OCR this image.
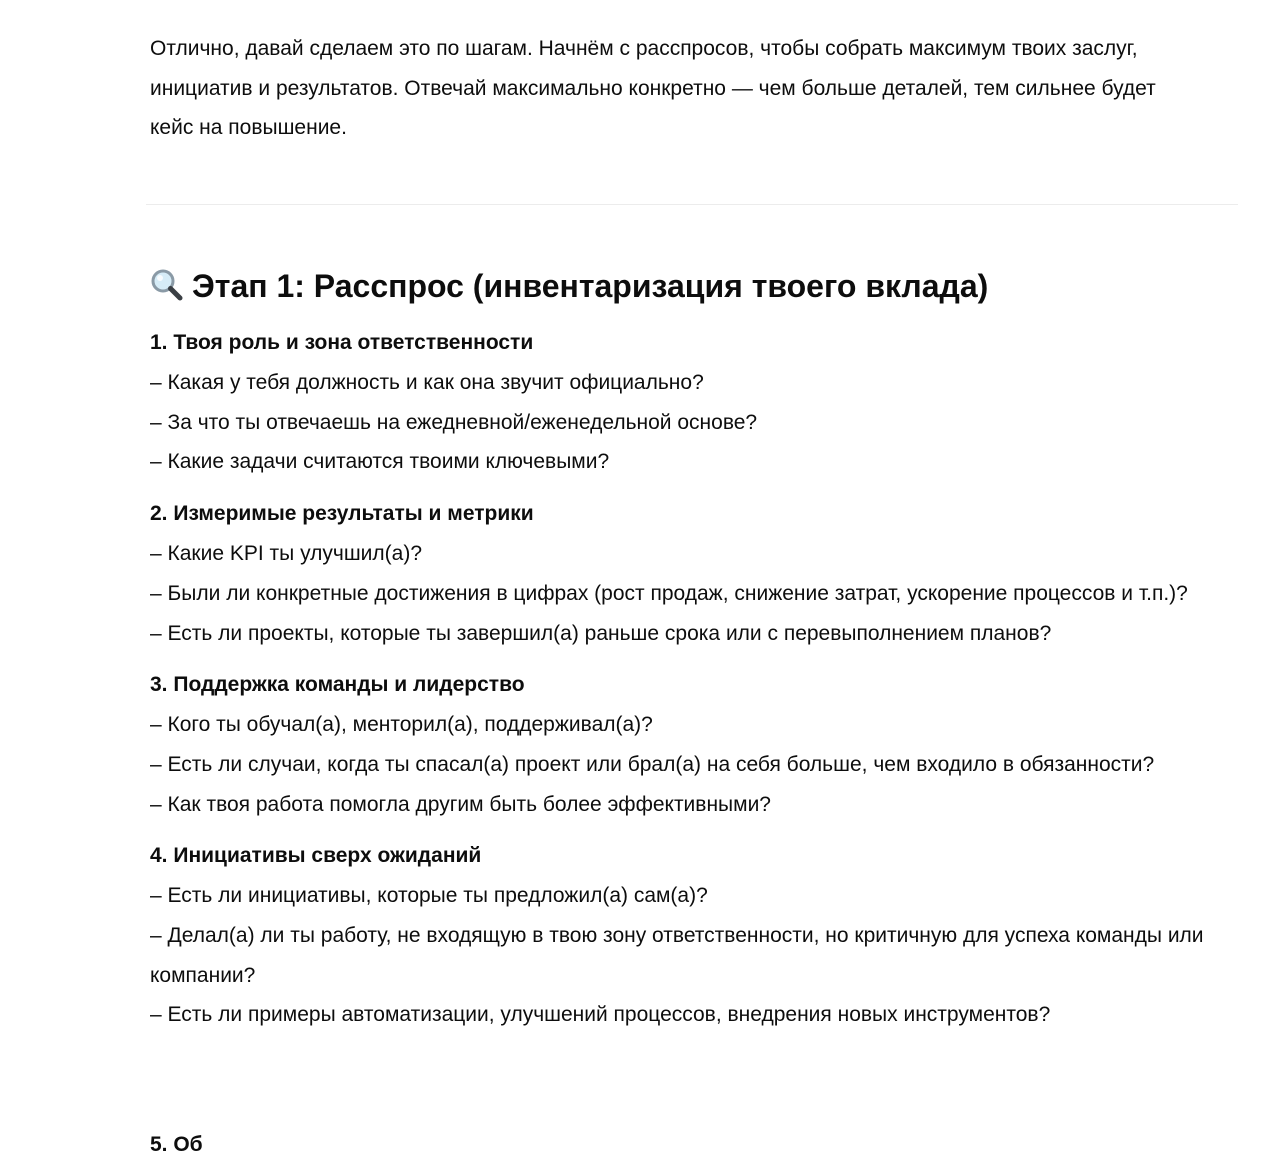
Отлично, давай сделаем это по шагам. Начнём с расспросов, чтобы собрать максимум твоих заслуг, инициатив и результатов. Отвечай максимально конкретно — чем больше деталей, тем сильнее будет кейс на повышение.

Этап 1: Расспрос (инвентаризация твоего вклада)

1. Твоя роль и зона ответственности

– Какая у тебя должность и как она звучит официально?

– За что ты отвечаешь на ежедневной/еженедельной основе?

– Какие задачи считаются твоими ключевыми?

2. Измеримые результаты и метрики

– Какие KPI ты улучшил(а)?

– Были ли конкретные достижения в цифрах (рост продаж, снижение затрат, ускорение процессов и т.п.)?

– Есть ли проекты, которые ты завершил(а) раньше срока или с перевыполнением планов?

3. Поддержка команды и лидерство

– Кого ты обучал(а), менторил(а), поддерживал(а)?

– Есть ли случаи, когда ты спасал(а) проект или брал(а) на себя больше, чем входило в обязанности?

– Как твоя работа помогла другим быть более эффективными?

4. Инициативы сверх ожиданий

– Есть ли инициативы, которые ты предложил(а) сам(а)?

– Делал(а) ли ты работу, не входящую в твою зону ответственности, но критичную для успеха команды или компании?

– Есть ли примеры автоматизации, улучшений процессов, внедрения новых инструментов?

5. Об
